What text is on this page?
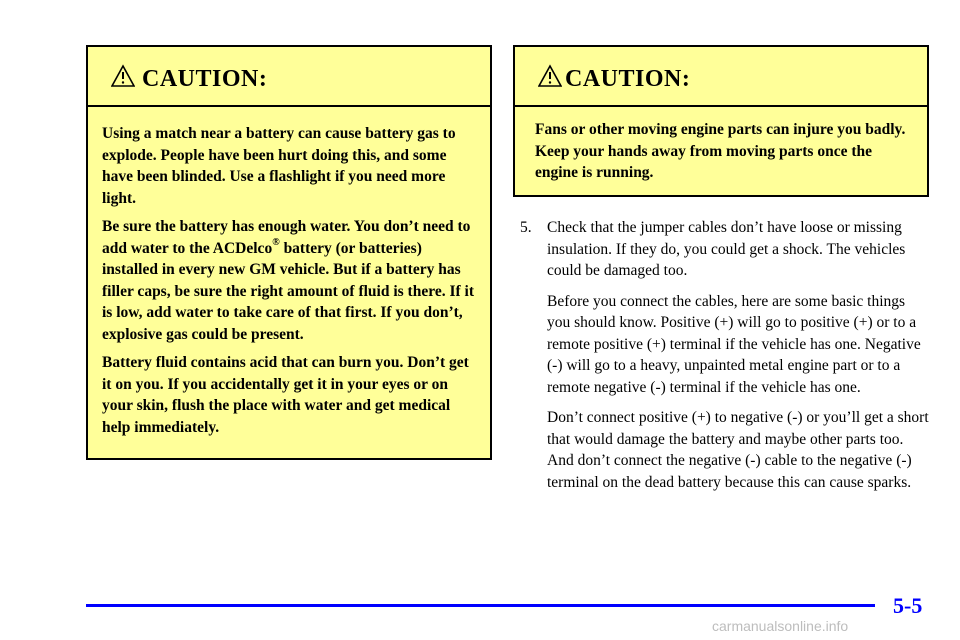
CAUTION:

Using a match near a battery can cause battery gas to explode. People have been hurt doing this, and some have been blinded. Use a flashlight if you need more light.

Be sure the battery has enough water. You don’t need to add water to the ACDelco® battery (or batteries) installed in every new GM vehicle. But if a battery has filler caps, be sure the right amount of fluid is there. If it is low, add water to take care of that first. If you don’t, explosive gas could be present.

Battery fluid contains acid that can burn you. Don’t get it on you. If you accidentally get it in your eyes or on your skin, flush the place with water and get medical help immediately.

CAUTION:

Fans or other moving engine parts can injure you badly. Keep your hands away from moving parts once the engine is running.

5. Check that the jumper cables don’t have loose or missing insulation. If they do, you could get a shock. The vehicles could be damaged too.

Before you connect the cables, here are some basic things you should know. Positive (+) will go to positive (+) or to a remote positive (+) terminal if the vehicle has one. Negative (-) will go to a heavy, unpainted metal engine part or to a remote negative (-) terminal if the vehicle has one.

Don’t connect positive (+) to negative (-) or you’ll get a short that would damage the battery and maybe other parts too. And don’t connect the negative (-) cable to the negative (-) terminal on the dead battery because this can cause sparks.

5-5
carmanualsonline.info
